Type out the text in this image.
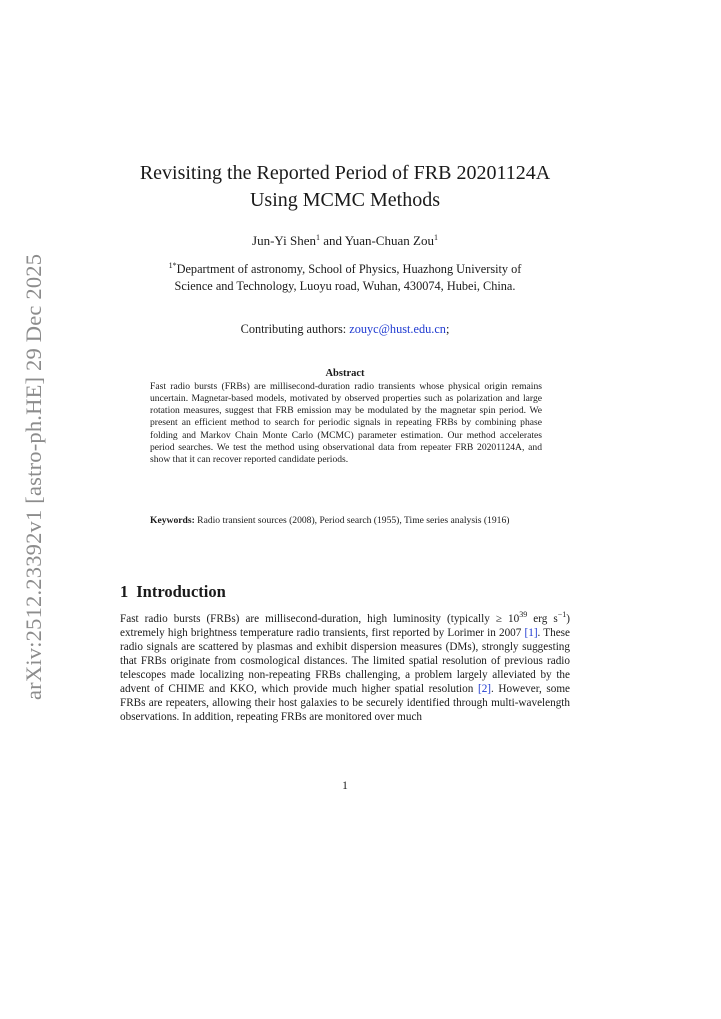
arXiv:2512.23392v1 [astro-ph.HE] 29 Dec 2025
Revisiting the Reported Period of FRB 20201124A
Using MCMC Methods
Jun-Yi Shen$^1$ and Yuan-Chuan Zou$^1$
$^{1*}$Department of astronomy, School of Physics, Huazhong University of
Science and Technology, Luoyu road, Wuhan, 430074, Hubei, China.
Contributing authors: zouyc@hust.edu.cn;
Abstract
Fast radio bursts (FRBs) are millisecond-duration radio transients whose physical origin remains uncertain. Magnetar-based models, motivated by observed properties such as polarization and large rotation measures, suggest that FRB emission may be modulated by the magnetar spin period. We present an efficient method to search for periodic signals in repeating FRBs by combining phase folding and Markov Chain Monte Carlo (MCMC) parameter estimation. Our method accelerates period searches. We test the method using observational data from repeater FRB 20201124A, and show that it can recover reported candidate periods.
Keywords: Radio transient sources (2008), Period search (1955), Time series analysis (1916)
1 Introduction
Fast radio bursts (FRBs) are millisecond-duration, high luminosity (typically ≥ $10^{39}$ erg $s^{-1}$) extremely high brightness temperature radio transients, first reported by Lorimer in 2007 [1]. These radio signals are scattered by plasmas and exhibit dispersion measures (DMs), strongly suggesting that FRBs originate from cosmological distances. The limited spatial resolution of previous radio telescopes made localizing non-repeating FRBs challenging, a problem largely alleviated by the advent of CHIME and KKO, which provide much higher spatial resolution [2]. However, some FRBs are repeaters, allowing their host galaxies to be securely identified through multi-wavelength observations. In addition, repeating FRBs are monitored over much
1
